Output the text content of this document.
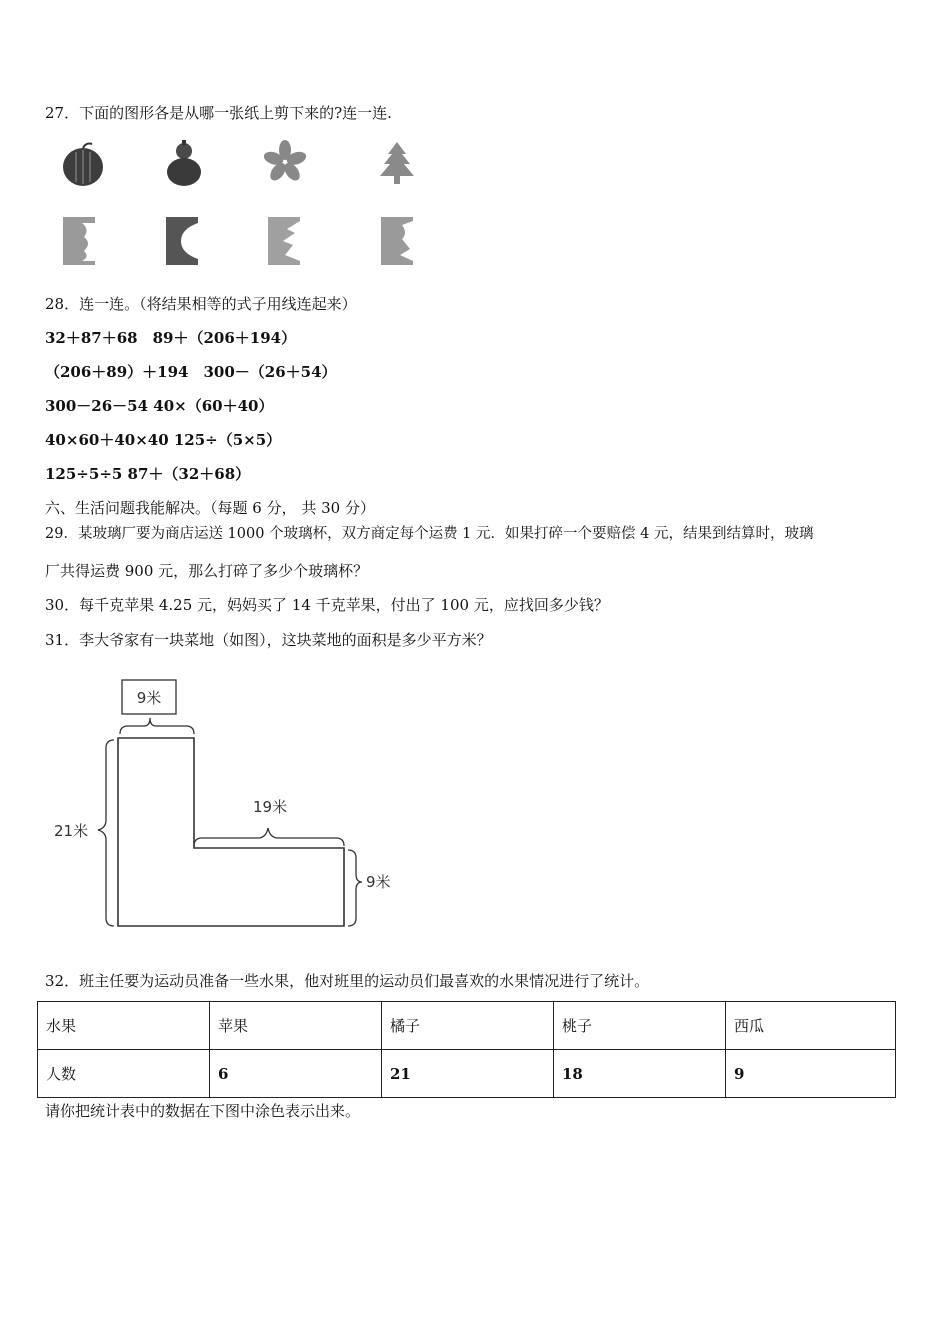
27．下面的图形各是从哪一张纸上剪下来的?连一连.
28．连一连。（将结果相等的式子用线连起来）
32＋87＋68　89＋（206＋194）
（206＋89）＋194　300－（26＋54）
300－26－54 40×（60＋40）
40×60＋40×40 125÷（5×5）
125÷5÷5 87＋（32＋68）
六、生活问题我能解决。（每题 6 分， 共 30 分）
29．某玻璃厂要为商店运送 1000 个玻璃杯，双方商定每个运费 1 元．如果打碎一个要赔偿 4 元，结果到结算时，玻璃
厂共得运费 900 元，那么打碎了多少个玻璃杯？
30．每千克苹果 4.25 元，妈妈买了 14 千克苹果，付出了 100 元，应找回多少钱？
31．李大爷家有一块菜地（如图），这块菜地的面积是多少平方米？
9米
21米
19米
9米
32．班主任要为运动员准备一些水果，他对班里的运动员们最喜欢的水果情况进行了统计。
水果	苹果	橘子	桃子	西瓜
人数	6	21	18	9
请你把统计表中的数据在下图中涂色表示出来。
